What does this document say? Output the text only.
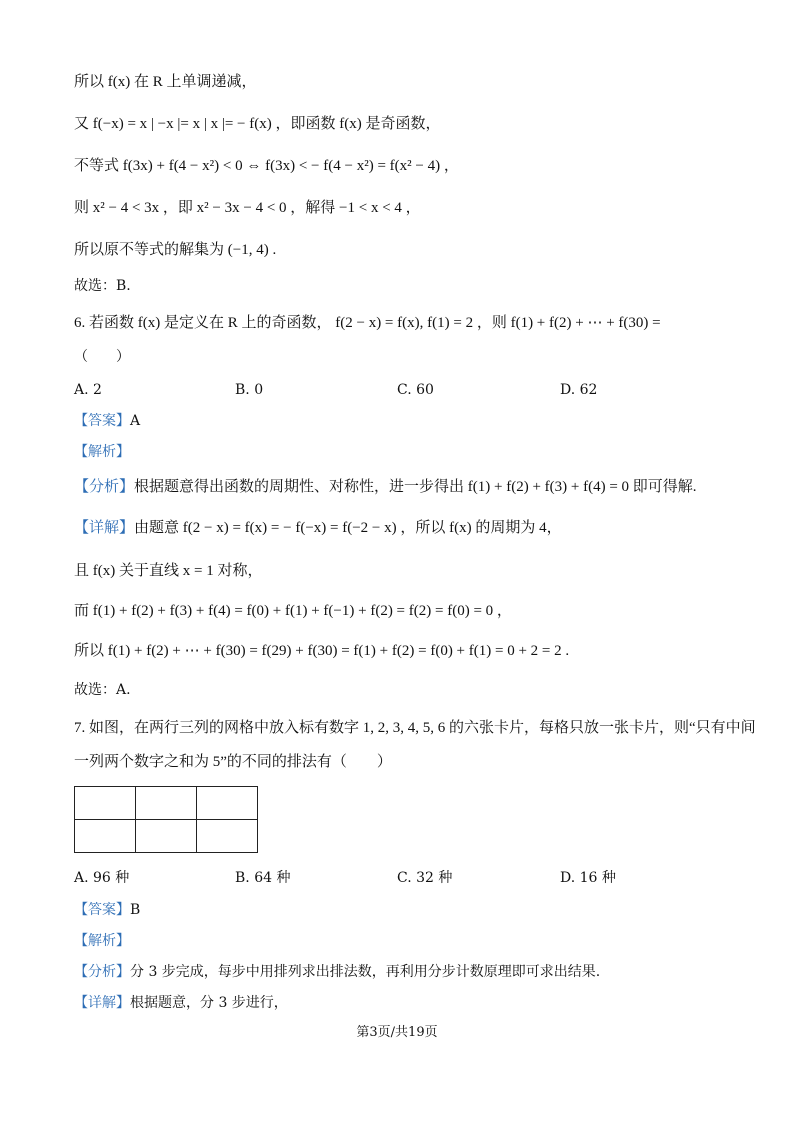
所以 f(x) 在 R 上单调递减，
又 f(−x) = x | −x |= x | x |= − f(x) ，即函数 f(x) 是奇函数，
不等式 f(3x) + f(4 − x²) < 0 ⇔ f(3x) < − f(4 − x²) = f(x² − 4) ，
则 x² − 4 < 3x ，即 x² − 3x − 4 < 0 ，解得 −1 < x < 4 ，
所以原不等式的解集为 (−1, 4) .
故选：B.
6. 若函数 f(x) 是定义在 R 上的奇函数， f(2 − x) = f(x), f(1) = 2 ，则 f(1) + f(2) + ⋯ + f(30) =
（　　）
A. 2	B. 0	C. 60	D. 62
【答案】A
【解析】
【分析】根据题意得出函数的周期性、对称性，进一步得出 f(1) + f(2) + f(3) + f(4) = 0 即可得解.
【详解】由题意 f(2 − x) = f(x) = − f(−x) = f(−2 − x) ，所以 f(x) 的周期为 4，
且 f(x) 关于直线 x = 1 对称，
而 f(1) + f(2) + f(3) + f(4) = f(0) + f(1) + f(−1) + f(2) = f(2) = f(0) = 0 ，
所以 f(1) + f(2) + ⋯ + f(30) = f(29) + f(30) = f(1) + f(2) = f(0) + f(1) = 0 + 2 = 2 .
故选：A.
7. 如图，在两行三列的网格中放入标有数字 1, 2, 3, 4, 5, 6 的六张卡片，每格只放一张卡片，则“只有中间
一列两个数字之和为 5”的不同的排法有（　　）

A. 96 种	B. 64 种	C. 32 种	D. 16 种
【答案】B
【解析】
【分析】分 3 步完成，每步中用排列求出排法数，再利用分步计数原理即可求出结果.
【详解】根据题意，分 3 步进行，
第3页/共19页
